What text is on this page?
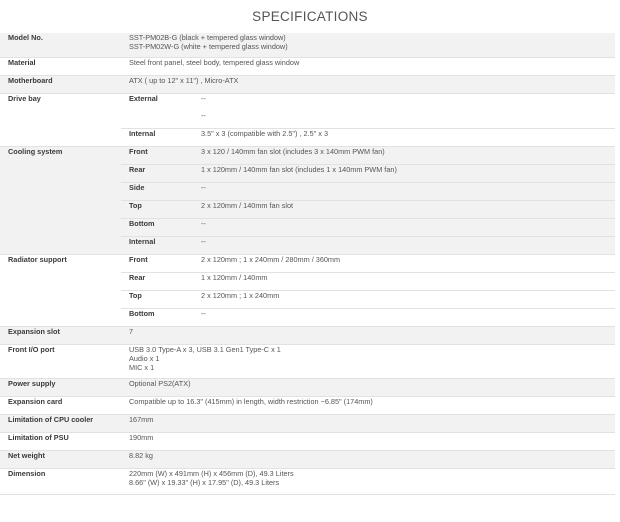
SPECIFICATIONS
Model No.	SST-PM02B-G (black + tempered glass window)
SST-PM02W-G (white + tempered glass window)	

Material	Steel front panel, steel body, tempered glass window	
Motherboard	ATX ( up to 12" x 11") , Micro-ATX	
Drive bay	External	--
		--
	Internal	3.5" x 3 (compatible with 2.5") , 2.5" x 3
Cooling system	Front	3 x 120 / 140mm fan slot (includes 3 x 140mm PWM fan)
	Rear	1 x 120mm / 140mm fan slot (includes 1 x 140mm PWM fan)
	Side	--
	Top	2 x 120mm / 140mm fan slot
	Bottom	--
	Internal	--
Radiator support	Front	2 x 120mm ; 1 x 240mm / 280mm / 360mm
	Rear	1 x 120mm / 140mm
	Top	2 x 120mm ; 1 x 240mm
	Bottom	--
Expansion slot	7	
Front I/O port	USB 3.0 Type-A x 3, USB 3.1 Gen1 Type-C x 1
Audio x 1
MIC x 1	

Power supply	Optional PS2(ATX)	
Expansion card	Compatible up to 16.3" (415mm) in length, width restriction ~6.85" (174mm)	
Limitation of CPU cooler	167mm	
Limitation of PSU	190mm	
Net weight	8.82 kg	
Dimension	220mm (W) x 491mm (H) x 456mm (D), 49.3 Liters
8.66" (W) x 19.33" (H) x 17.95" (D), 49.3 Liters	
